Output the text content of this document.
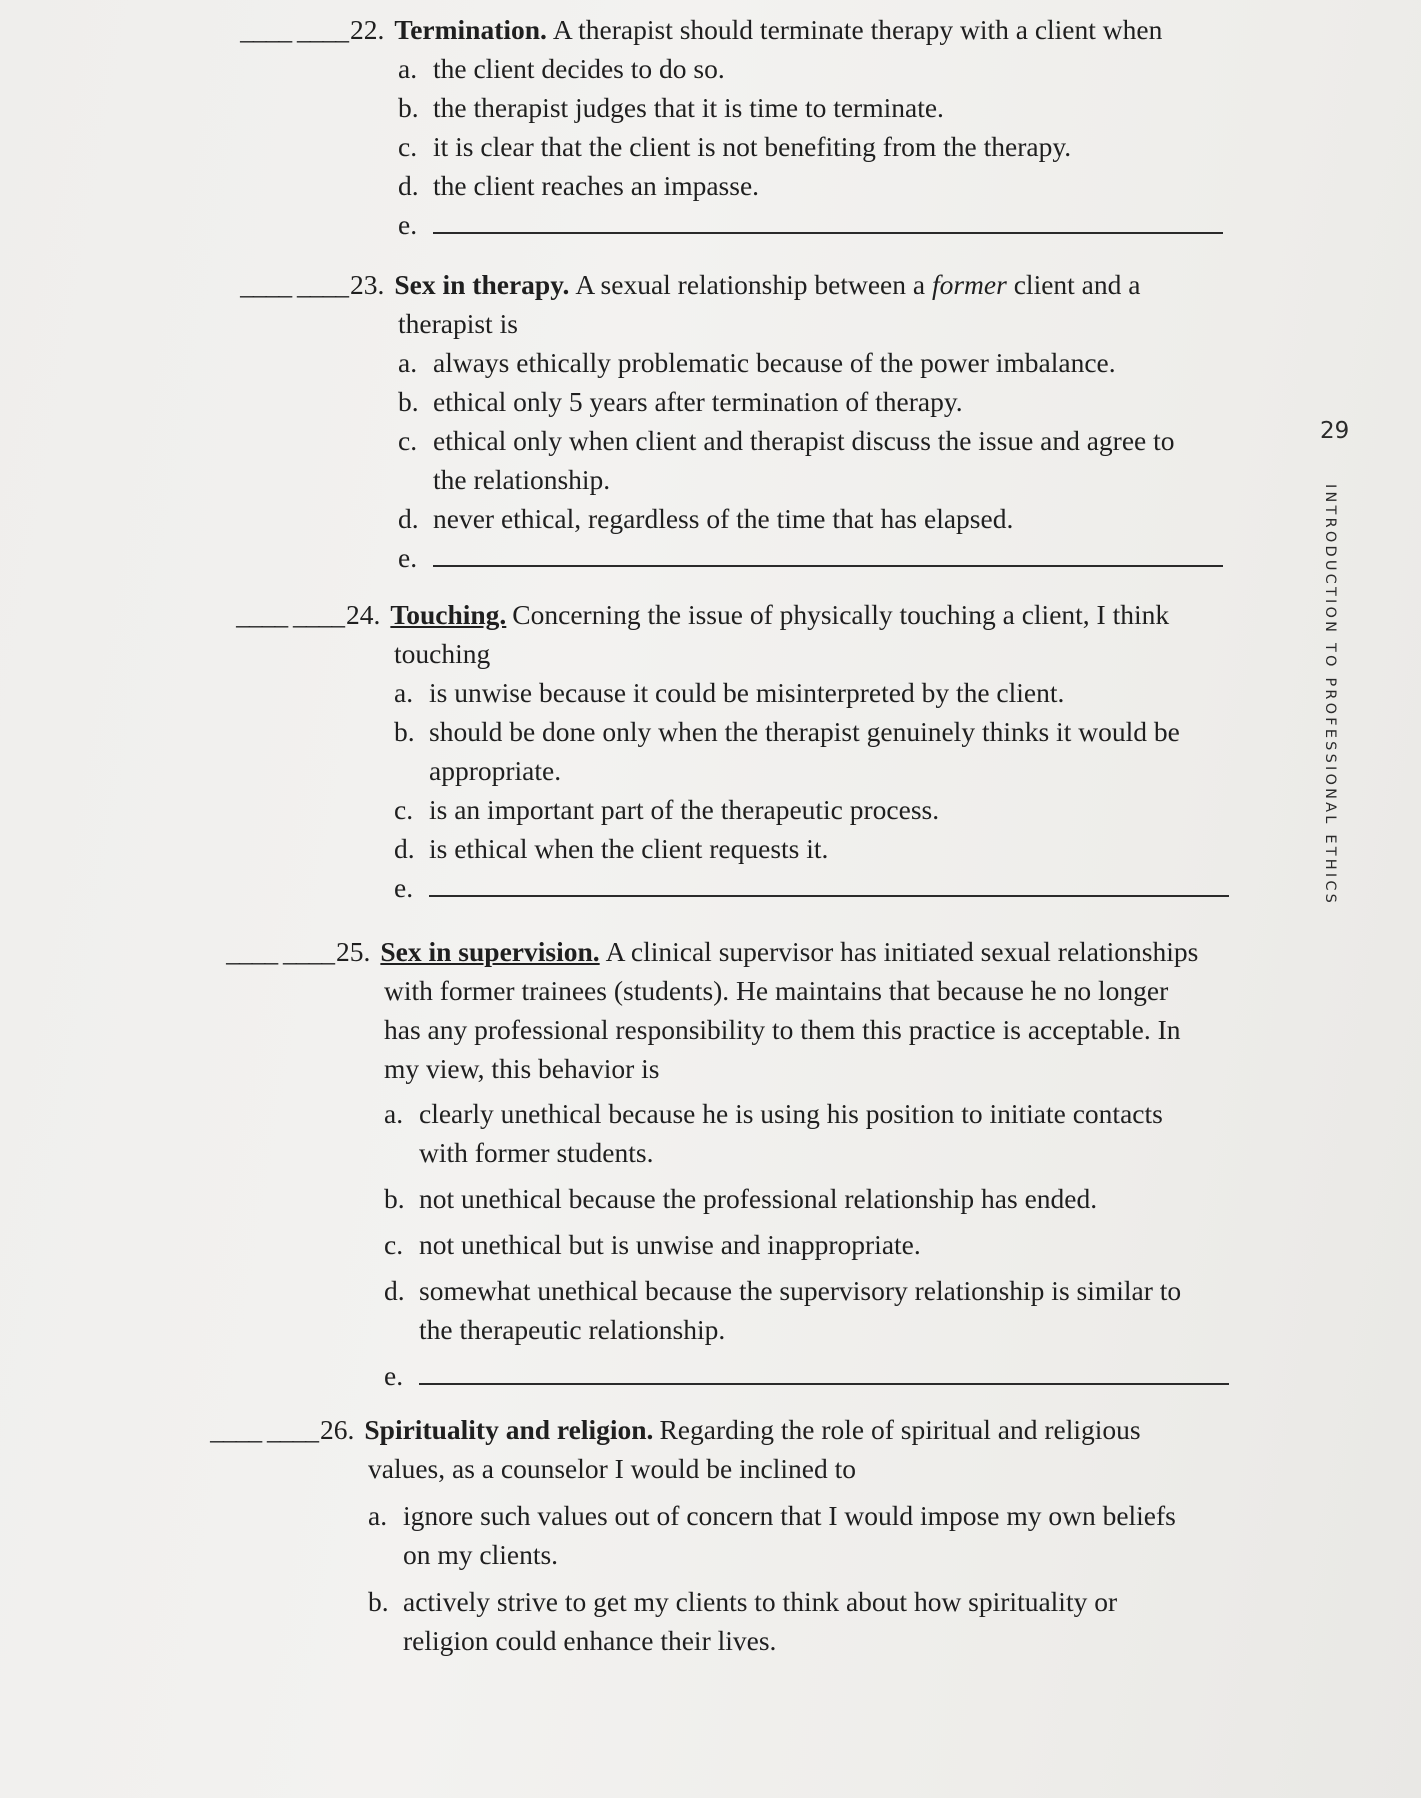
____ ____ 22. Termination. A therapist should terminate therapy with a client when
a. the client decides to do so.
b. the therapist judges that it is time to terminate.
c. it is clear that the client is not benefiting from the therapy.
d. the client reaches an impasse.
e.
____ ____ 23. Sex in therapy. A sexual relationship between a former client and a
therapist is
a. always ethically problematic because of the power imbalance.
b. ethical only 5 years after termination of therapy.
c. ethical only when client and therapist discuss the issue and agree to
the relationship.
d. never ethical, regardless of the time that has elapsed.
e.
____ ____ 24. Touching. Concerning the issue of physically touching a client, I think
touching
a. is unwise because it could be misinterpreted by the client.
b. should be done only when the therapist genuinely thinks it would be
appropriate.
c. is an important part of the therapeutic process.
d. is ethical when the client requests it.
e.
____ ____ 25. Sex in supervision. A clinical supervisor has initiated sexual relationships
with former trainees (students). He maintains that because he no longer
has any professional responsibility to them this practice is acceptable. In
my view, this behavior is
a. clearly unethical because he is using his position to initiate contacts
with former students.
b. not unethical because the professional relationship has ended.
c. not unethical but is unwise and inappropriate.
d. somewhat unethical because the supervisory relationship is similar to
the therapeutic relationship.
e.
____ ____ 26. Spirituality and religion. Regarding the role of spiritual and religious
values, as a counselor I would be inclined to
a. ignore such values out of concern that I would impose my own beliefs
on my clients.
b. actively strive to get my clients to think about how spirituality or
religion could enhance their lives.
29
INTRODUCTION TO PROFESSIONAL ETHICS
